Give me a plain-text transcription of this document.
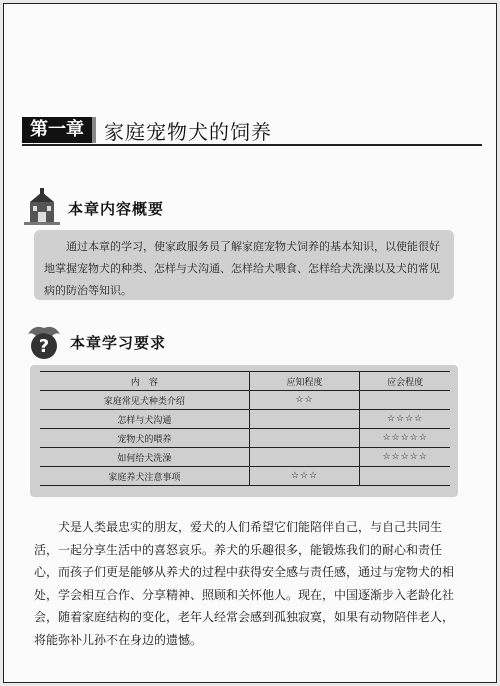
第一章	家庭宠物犬的饲养
本章内容概要

通过本章的学习，使家政服务员了解家庭宠物犬饲养的基本知识，以使能很好地掌握宠物犬的种类、怎样与犬沟通、怎样给犬喂食、怎样给犬洗澡以及犬的常见病的防治等知识。

? 本章学习要求
内　容	应知程度	应会程度
家庭常见犬种类介绍	☆☆	
怎样与犬沟通		☆☆☆☆
宠物犬的喂养		☆☆☆☆☆
如何给犬洗澡		☆☆☆☆☆
家庭养犬注意事项	☆☆☆	

犬是人类最忠实的朋友，爱犬的人们希望它们能陪伴自己，与自己共同生活，一起分享生活中的喜怒哀乐。养犬的乐趣很多，能锻炼我们的耐心和责任心，而孩子们更是能够从养犬的过程中获得安全感与责任感，通过与宠物犬的相处，学会相互合作、分享精神、照顾和关怀他人。现在，中国逐渐步入老龄化社会，随着家庭结构的变化，老年人经常会感到孤独寂寞，如果有动物陪伴老人，将能弥补儿孙不在身边的遗憾。
